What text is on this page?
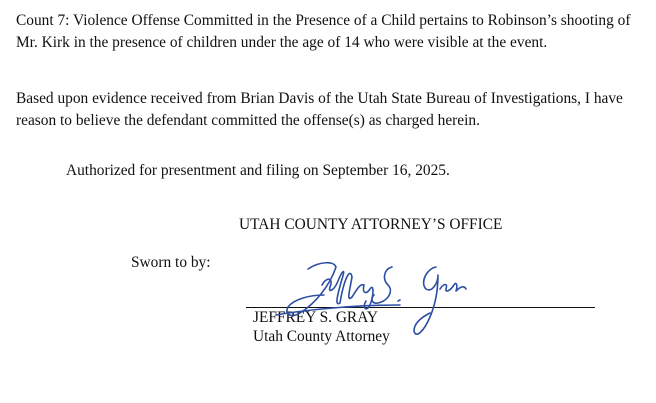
Count 7: Violence Offense Committed in the Presence of a Child pertains to Robinson’s shooting of Mr. Kirk in the presence of children under the age of 14 who were visible at the event.

Based upon evidence received from Brian Davis of the Utah State Bureau of Investigations, I have reason to believe the defendant committed the offense(s) as charged herein.

Authorized for presentment and filing on September 16, 2025.
UTAH COUNTY ATTORNEY’S OFFICE
Sworn to by:
JEFFREY S. GRAY
Utah County Attorney
